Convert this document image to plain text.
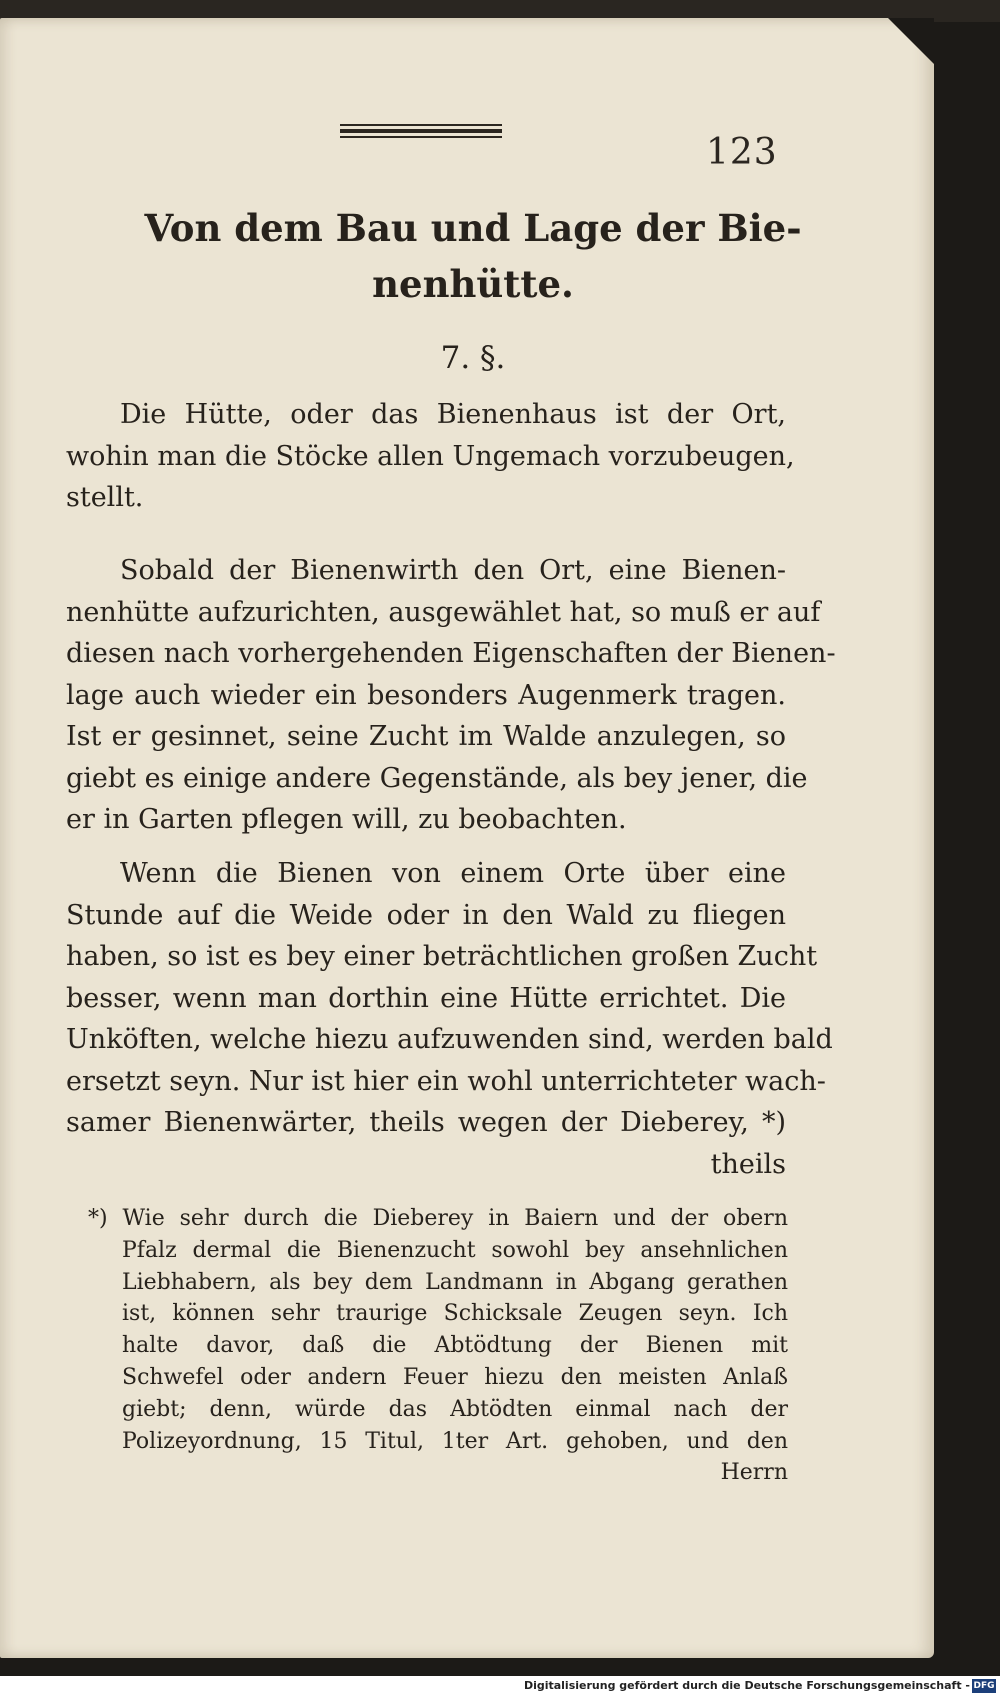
123
Von dem Bau und Lage der Bie-
nenhütte.
7. §.
Die Hütte, oder das Bienenhaus ist der Ort,
wohin man die Stöcke allen Ungemach vorzubeugen,
stellt.
Sobald der Bienenwirth den Ort, eine Bienen-
nenhütte aufzurichten, ausgewählet hat, so muß er auf
diesen nach vorhergehenden Eigenschaften der Bienen-
lage auch wieder ein besonders Augenmerk tragen.
Ist er gesinnet, seine Zucht im Walde anzulegen, so
giebt es einige andere Gegenstände, als bey jener, die
er in Garten pflegen will, zu beobachten.
Wenn die Bienen von einem Orte über eine
Stunde auf die Weide oder in den Wald zu fliegen
haben, so ist es bey einer beträchtlichen großen Zucht
besser, wenn man dorthin eine Hütte errichtet. Die
Unköften, welche hiezu aufzuwenden sind, werden bald
ersetzt seyn. Nur ist hier ein wohl unterrichteter wach-
samer Bienenwärter, theils wegen der Dieberey, *)
theils
*) Wie sehr durch die Dieberey in Baiern und der obern
Pfalz dermal die Bienenzucht sowohl bey ansehnlichen
Liebhabern, als bey dem Landmann in Abgang gerathen
ist, können sehr traurige Schicksale Zeugen seyn. Ich
halte davor, daß die Abtödtung der Bienen mit
Schwefel oder andern Feuer hiezu den meisten Anlaß
giebt; denn, würde das Abtödten einmal nach der
Polizeyordnung, 15 Titul, 1ter Art. gehoben, und den
Herrn
Digitalisierung gefördert durch die Deutsche Forschungsgemeinschaft - DFG
